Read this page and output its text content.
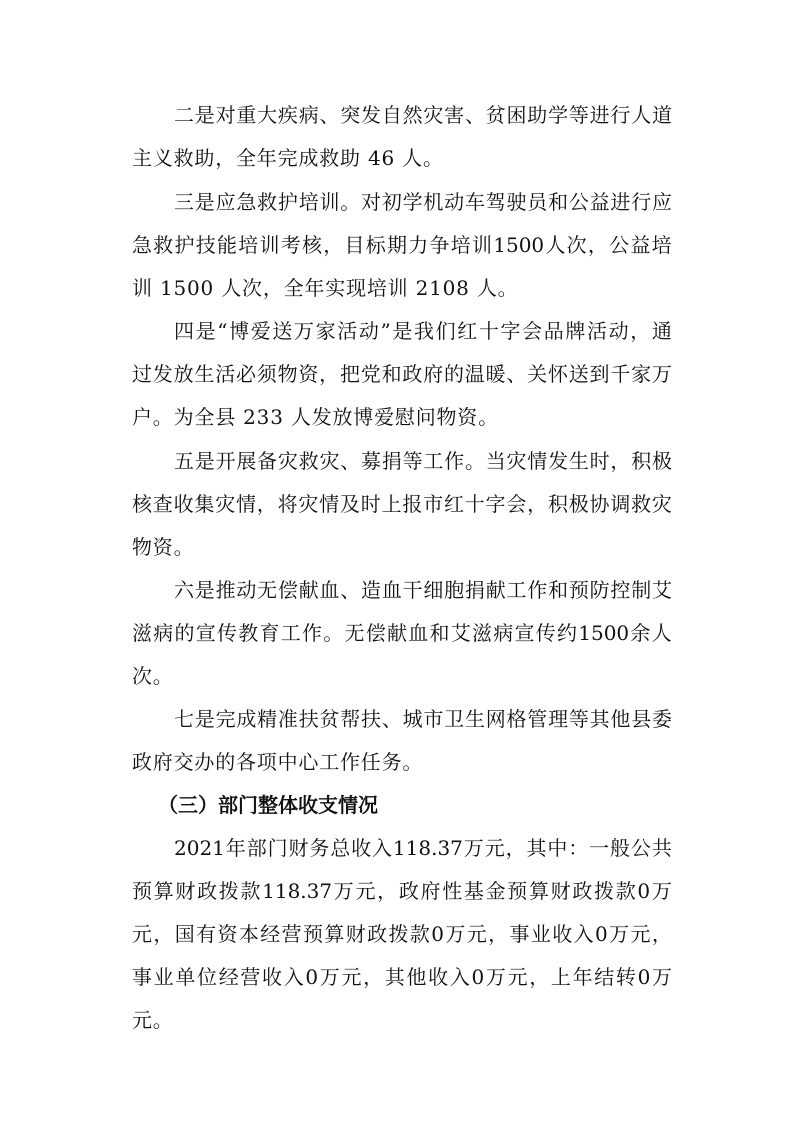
二 是 对 重 大 疾 病 、 突 发 自 然 灾 害 、 贫 困 助 学 等 进 行 人 道
主义救助，全年完成救助 46 人。
三 是 应 急 救 护 培 训 。 对 初 学 机 动 车 驾 驶 员 和 公 益 进 行 应
急 救 护 技 能 培 训 考 核 ， 目 标 期 力 争 培 训 1500 人 次 ， 公 益 培
训 1500 人次，全年实现培训 2108 人。
四 是 “ 博 爱 送 万 家 活 动 ” 是 我 们 红 十 字 会 品 牌 活 动 ， 通
过 发 放 生 活 必 须 物 资 ， 把 党 和 政 府 的 温 暖 、 关 怀 送 到 千 家 万
户。为全县 233 人发放博爱慰问物资。
五 是 开 展 备 灾 救 灾 、 募 捐 等 工 作 。 当 灾 情 发 生 时 ， 积 极
核 查 收 集 灾 情 ， 将 灾 情 及 时 上 报 市 红 十 字 会 ， 积 极 协 调 救 灾
物资。
六 是 推 动 无 偿 献 血 、 造 血 干 细 胞 捐 献 工 作 和 预 防 控 制 艾
滋 病 的 宣 传 教 育 工 作 。 无 偿 献 血 和 艾 滋 病 宣 传 约 1500 余 人
次。
七 是 完 成 精 准 扶 贫 帮 扶 、 城 市 卫 生 网 格 管 理 等 其 他 县 委
政府交办的各项中心工作任务。
（三）部门整体收支情况
2021 年 部 门 财 务 总 收 入 118.37 万 元 ， 其 中 ： 一 般 公 共
预 算 财 政 拨 款 118.37 万 元 ， 政 府 性 基 金 预 算 财 政 拨 款 0 万
元 ， 国 有 资 本 经 营 预 算 财 政 拨 款 0 万 元 ， 事 业 收 入 0 万 元 ，
事 业 单 位 经 营 收 入 0 万 元 ， 其 他 收 入 0 万 元 ， 上 年 结 转 0 万
元。
